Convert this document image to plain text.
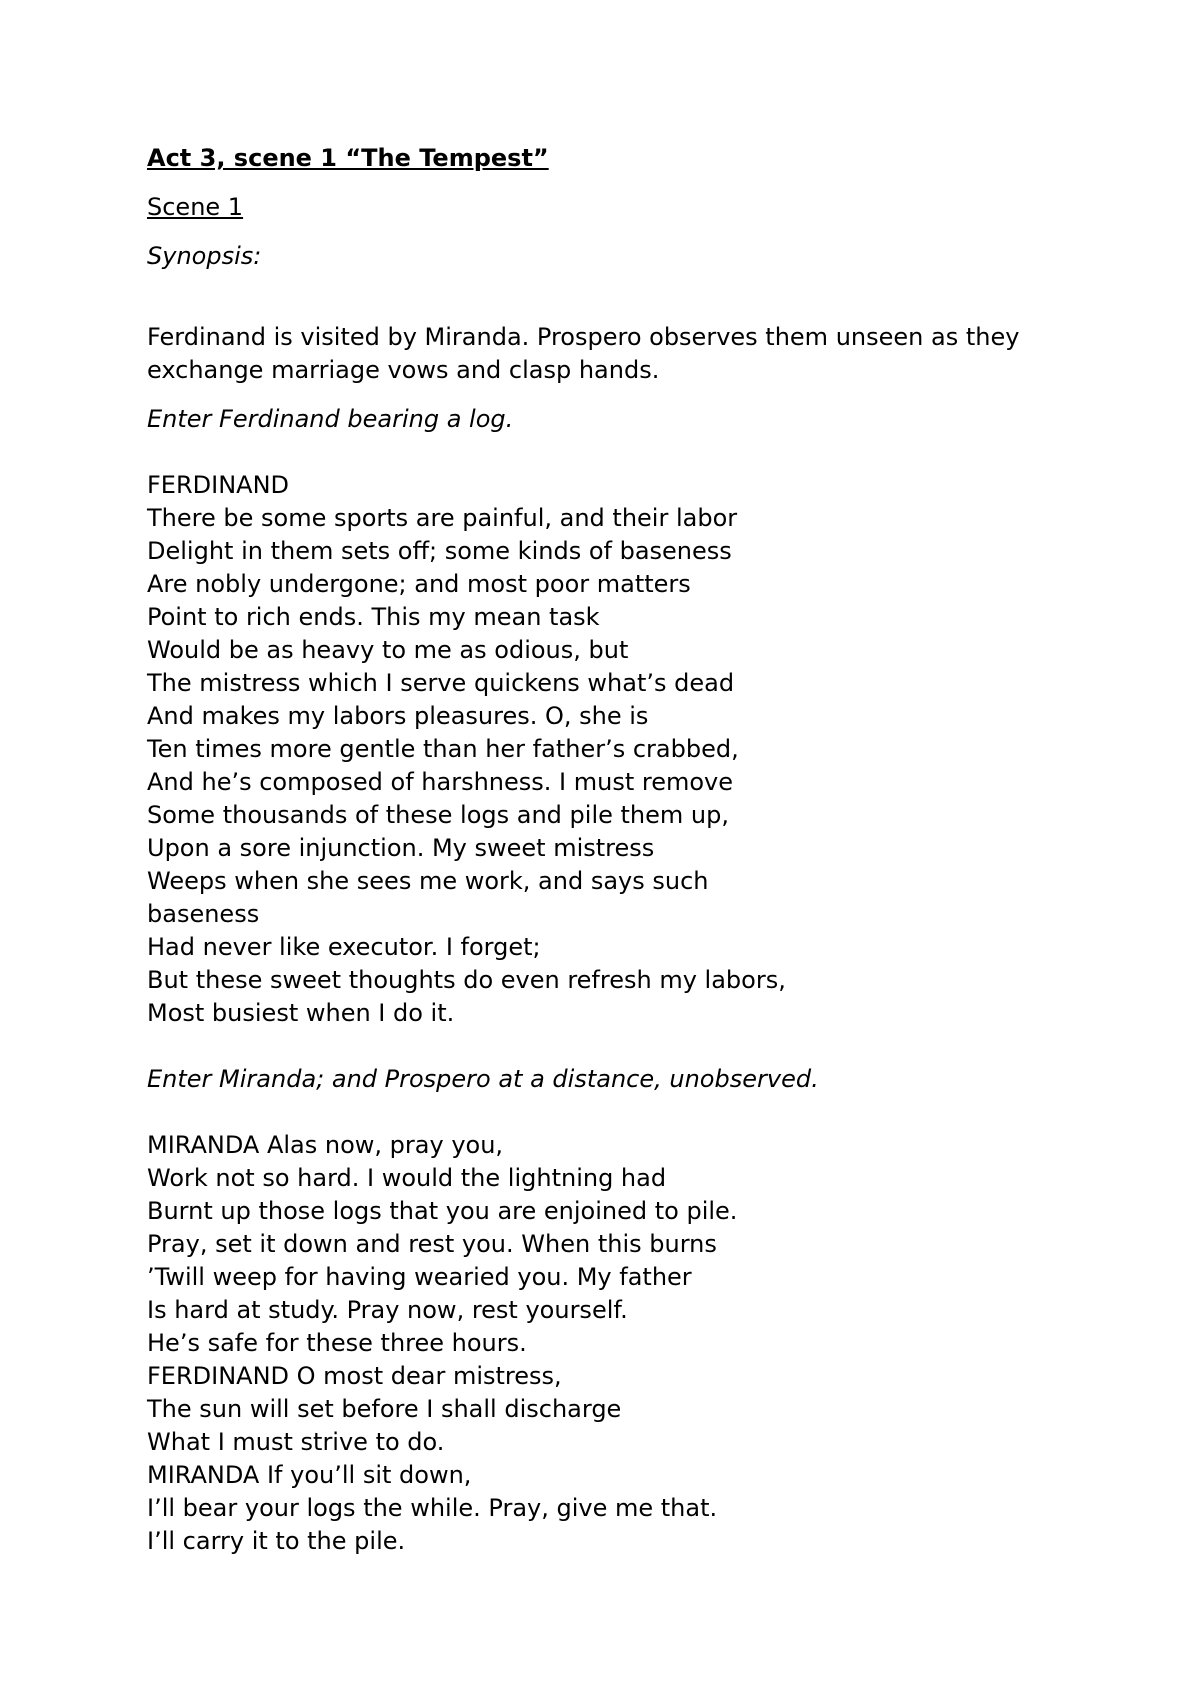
Act 3, scene 1 “The Tempest”

Scene 1

Synopsis:

Ferdinand is visited by Miranda. Prospero observes them unseen as they
exchange marriage vows and clasp hands.

Enter Ferdinand bearing a log.

FERDINAND
There be some sports are painful, and their labor
Delight in them sets off; some kinds of baseness
Are nobly undergone; and most poor matters
Point to rich ends. This my mean task
Would be as heavy to me as odious, but
The mistress which I serve quickens what’s dead
And makes my labors pleasures. O, she is
Ten times more gentle than her father’s crabbed,
And he’s composed of harshness. I must remove
Some thousands of these logs and pile them up,
Upon a sore injunction. My sweet mistress
Weeps when she sees me work, and says such
baseness
Had never like executor. I forget;
But these sweet thoughts do even refresh my labors,
Most busiest when I do it.

Enter Miranda; and Prospero at a distance, unobserved.

MIRANDA Alas now, pray you,
Work not so hard. I would the lightning had
Burnt up those logs that you are enjoined to pile.
Pray, set it down and rest you. When this burns
’Twill weep for having wearied you. My father
Is hard at study. Pray now, rest yourself.
He’s safe for these three hours.
FERDINAND O most dear mistress,
The sun will set before I shall discharge
What I must strive to do.
MIRANDA If you’ll sit down,
I’ll bear your logs the while. Pray, give me that.
I’ll carry it to the pile.
